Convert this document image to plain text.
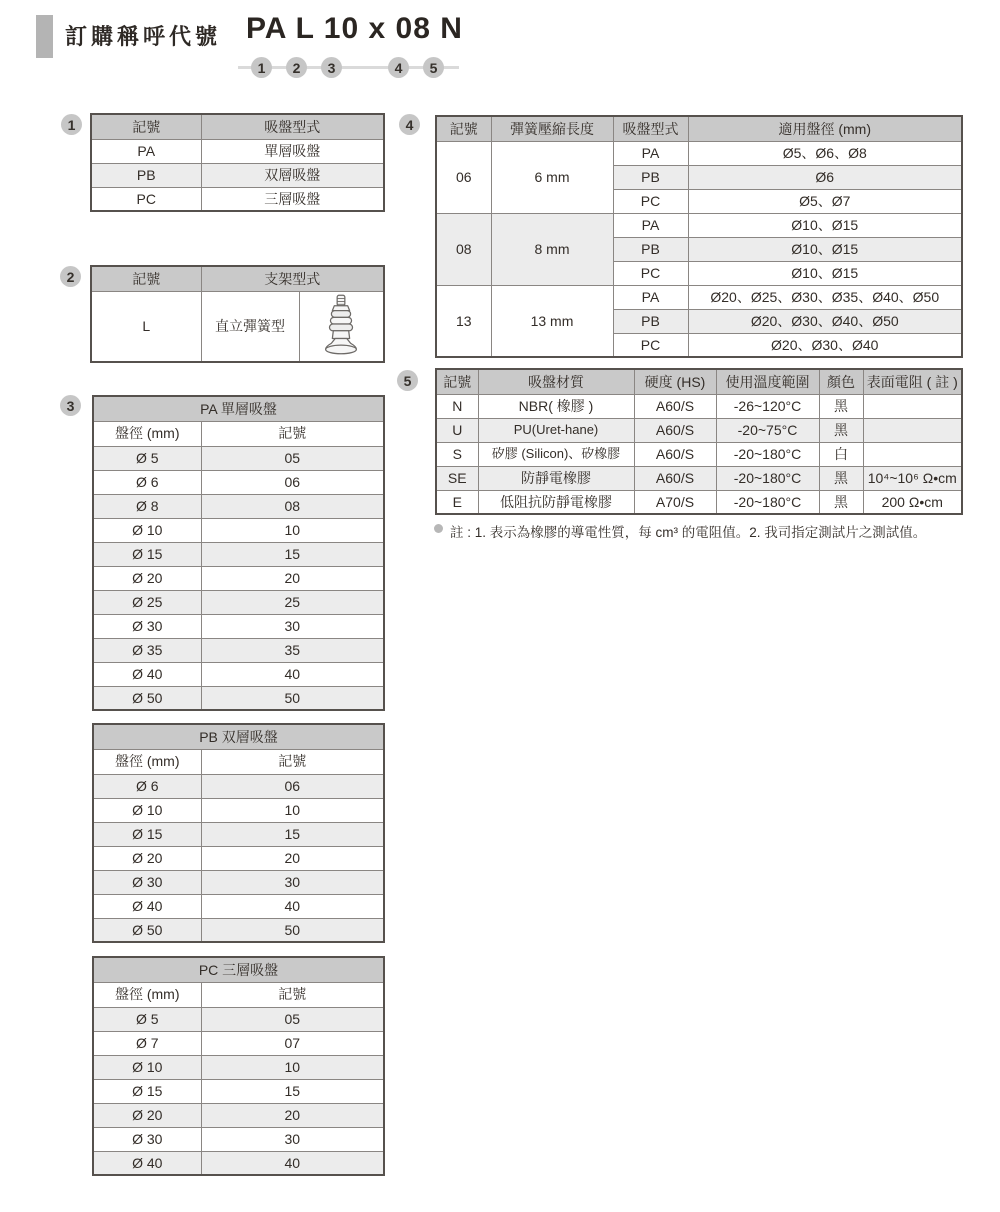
訂購稱呼代號 PA L 10 x 08 N
1	2	3	4	5
1
2
3
4
5
記號	吸盤型式
PA	單層吸盤
PB	双層吸盤
PC	三層吸盤
記號	支架型式	
L	直立彈簧型	
PA 單層吸盤	
盤徑 (mm)	記號
Ø 5	05
Ø 6	06
Ø 8	08
Ø 10	10
Ø 15	15
Ø 20	20
Ø 25	25
Ø 30	30
Ø 35	35
Ø 40	40
Ø 50	50
PB 双層吸盤	
盤徑 (mm)	記號
Ø 6	06
Ø 10	10
Ø 15	15
Ø 20	20
Ø 30	30
Ø 40	40
Ø 50	50
PC 三層吸盤	
盤徑 (mm)	記號
Ø 5	05
Ø 7	07
Ø 10	10
Ø 15	15
Ø 20	20
Ø 30	30
Ø 40	40
記號	彈簧壓縮長度	吸盤型式	適用盤徑 (mm)
06	6 mm	PA	Ø5、Ø6、Ø8
		PB	Ø6
		PC	Ø5、Ø7
08	8 mm	PA	Ø10、Ø15
		PB	Ø10、Ø15
		PC	Ø10、Ø15
13	13 mm	PA	Ø20、Ø25、Ø30、Ø35、Ø40、Ø50
		PB	Ø20、Ø30、Ø40、Ø50
		PC	Ø20、Ø30、Ø40
記號	吸盤材質	硬度 (HS)	使用溫度範圍	顏色	表面電阻 ( 註 )
N	NBR( 橡膠 )	A60/S	-26~120°C	黑	
U	PU(Uret-hane)	A60/S	-20~75°C	黑	
S	矽膠 (Silicon)、矽橡膠	A60/S	-20~180°C	白	
SE	防靜電橡膠	A60/S	-20~180°C	黑	10⁴~10⁶ Ω•cm
E	低阻抗防靜電橡膠	A70/S	-20~180°C	黑	200 Ω•cm
註 : 1. 表示為橡膠的導電性質，每 cm³ 的電阻值。2. 我司指定測試片之測試值。
